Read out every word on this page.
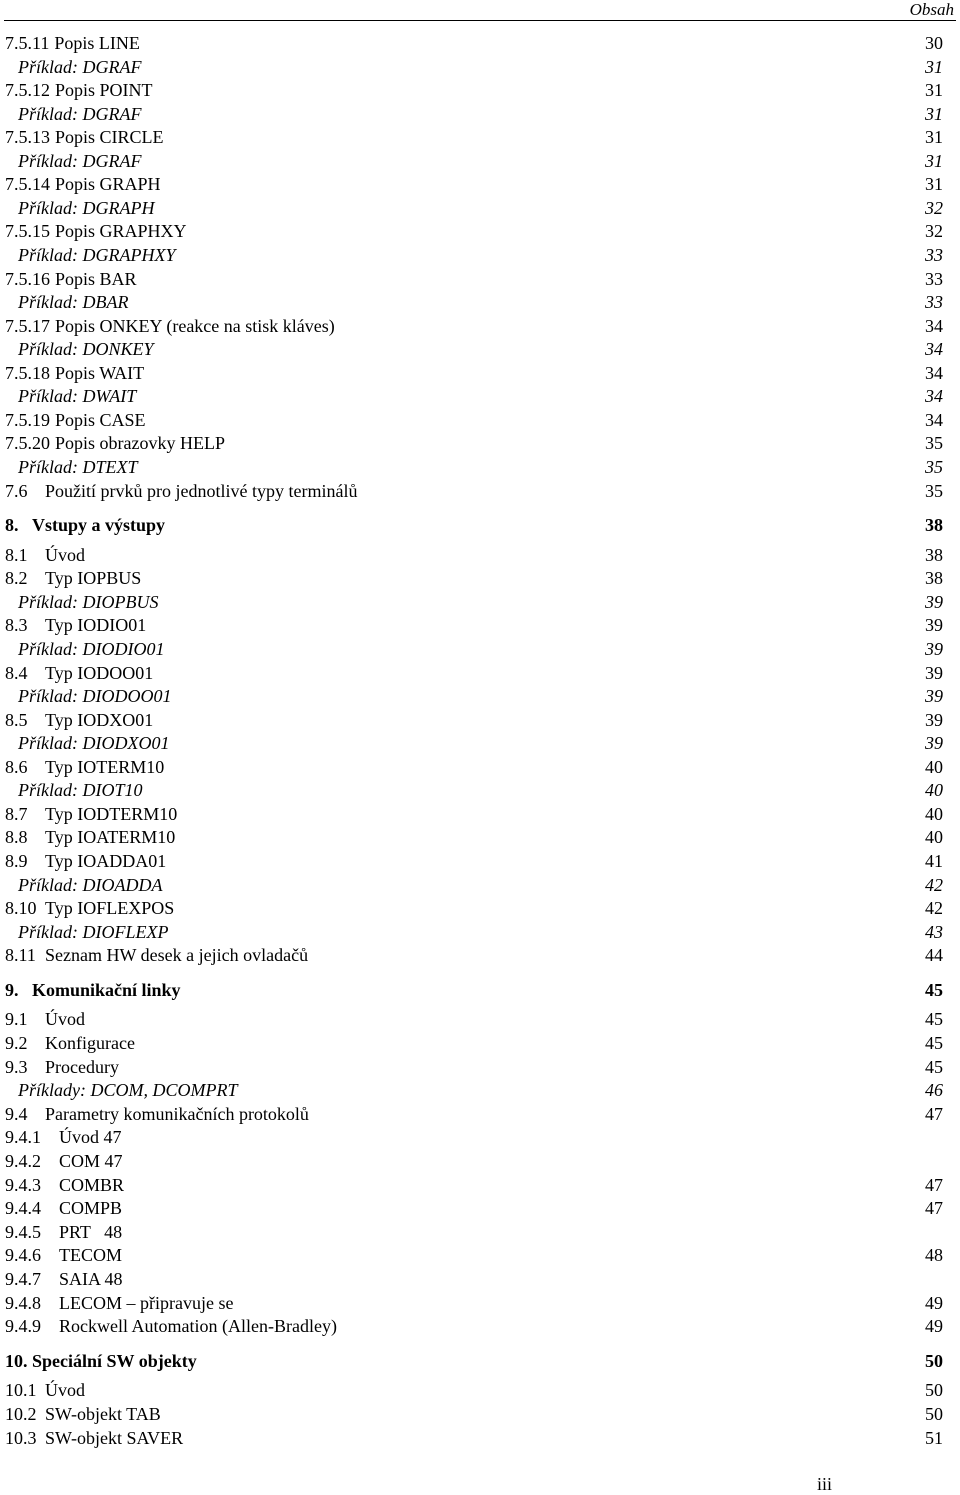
Obsah
7.5.11 Popis LINE	30
Příklad: DGRAF	31
7.5.12 Popis POINT	31
Příklad: DGRAF	31
7.5.13 Popis CIRCLE	31
Příklad: DGRAF	31
7.5.14 Popis GRAPH	31
Příklad: DGRAPH	32
7.5.15 Popis GRAPHXY	32
Příklad: DGRAPHXY	33
7.5.16 Popis BAR	33
Příklad: DBAR	33
7.5.17 Popis ONKEY (reakce na stisk kláves)	34
Příklad: DONKEY	34
7.5.18 Popis WAIT	34
Příklad: DWAIT	34
7.5.19 Popis CASE	34
7.5.20 Popis obrazovky HELP	35
Příklad: DTEXT	35
7.6 Použití prvků pro jednotlivé typy terminálů	35
8. Vstupy a výstupy	38
8.1 Úvod	38
8.2 Typ IOPBUS	38
Příklad: DIOPBUS	39
8.3 Typ IODIO01	39
Příklad: DIODIO01	39
8.4 Typ IODOO01	39
Příklad: DIODOO01	39
8.5 Typ IODXO01	39
Příklad: DIODXO01	39
8.6 Typ IOTERM10	40
Příklad: DIOT10	40
8.7 Typ IODTERM10	40
8.8 Typ IOATERM10	40
8.9 Typ IOADDA01	41
Příklad: DIOADDA	42
8.10 Typ IOFLEXPOS	42
Příklad: DIOFLEXP	43
8.11 Seznam HW desek a jejich ovladačů	44
9. Komunikační linky	45
9.1 Úvod	45
9.2 Konfigurace	45
9.3 Procedury	45
Příklady: DCOM, DCOMPRT	46
9.4 Parametry komunikačních protokolů	47
9.4.1 Úvod 47
9.4.2 COM 47
9.4.3 COMBR	47
9.4.4 COMPB	47
9.4.5 PRT   48
9.4.6 TECOM	48
9.4.7 SAIA 48
9.4.8 LECOM – připravuje se	49
9.4.9 Rockwell Automation (Allen-Bradley)	49
10. Speciální SW objekty	50
10.1 Úvod	50
10.2 SW-objekt TAB	50
10.3 SW-objekt SAVER	51
iii
